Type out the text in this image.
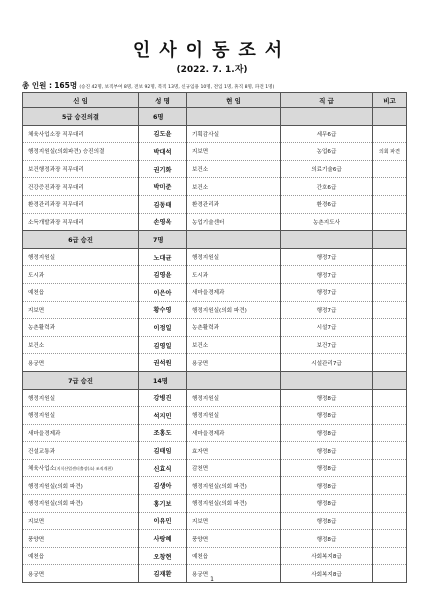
인사이동조서
(2022. 7. 1.자)
총 인원 : 165명 (승진 42명, 보직부여 8명, 전보 92명, 복직 13명, 신규임용 10명, 전입 1명, 휴직 8명, 파견 1명)
신 임	성 명	현 임	직 급	비고
5급 승진의결	6명			
체육사업소장 직무대리	김도윤	기획감사실	세무6급	
행정지원실(의회파견) 승진의결	박대석	지보면	농업6급	의회 파견
보건행정과장 직무대리	권기화	보건소	의료기술6급	
건강증진과장 직무대리	박미준	보건소	간호6급	
환경관리과장 직무대리	김동태	환경관리과	환경6급	
소득개발과장 직무대리	손영옥	농업기술센터	농촌지도사	
6급 승진	7명			
행정지원실	노대균	행정지원실	행정7급	
도시과	김영윤	도시과	행정7급	
예천읍	이은아	새마을경제과	행정7급	
지보면	황수영	행정지원실(의회 파견)	행정7급	
농촌활력과	이정일	농촌활력과	시설7급	
보건소	김영일	보건소	보건7급	
용궁면	권석원	용궁면	시설관리7급	
7급 승진	14명			
행정지원실	강병진	행정지원실	행정8급	
행정지원실	석지민	행정지원실	행정8급	
새마을경제과	조홍도	새마을경제과	행정8급	
건설교통과	김태임	효자면	행정8급	
체육사업소(지식산업센터출장(소) 조직개편)	신효식	감천면	행정8급	
행정지원실(의회 파견)	김생아	행정지원실(의회 파견)	행정8급	
행정지원실(의회 파견)	홍기보	행정지원실(의회 파견)	행정8급	
지보면	이유민	지보면	행정8급	
풍양면	사랑혜	풍양면	행정8급	
예천읍	오창현	예천읍	사회복지8급	
용궁면	김재환	용궁면	사회복지8급	
1
